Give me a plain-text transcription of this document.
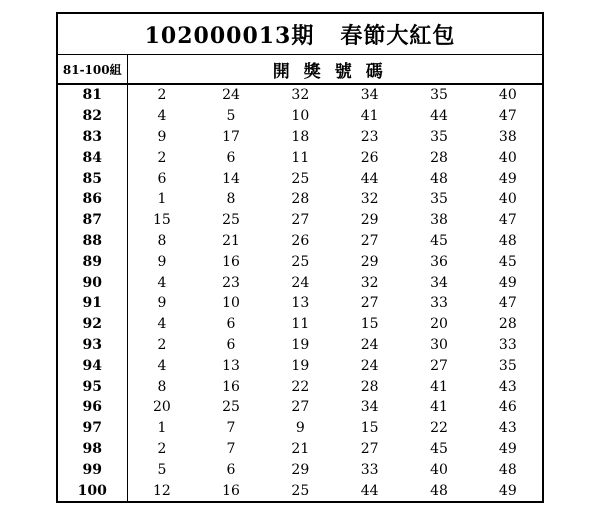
102000013期 春節大紅包						
81-100組	開獎號碼					
81	2	24	32	34	35	40
82	4	5	10	41	44	47
83	9	17	18	23	35	38
84	2	6	11	26	28	40
85	6	14	25	44	48	49
86	1	8	28	32	35	40
87	15	25	27	29	38	47
88	8	21	26	27	45	48
89	9	16	25	29	36	45
90	4	23	24	32	34	49
91	9	10	13	27	33	47
92	4	6	11	15	20	28
93	2	6	19	24	30	33
94	4	13	19	24	27	35
95	8	16	22	28	41	43
96	20	25	27	34	41	46
97	1	7	9	15	22	43
98	2	7	21	27	45	49
99	5	6	29	33	40	48
100	12	16	25	44	48	49
